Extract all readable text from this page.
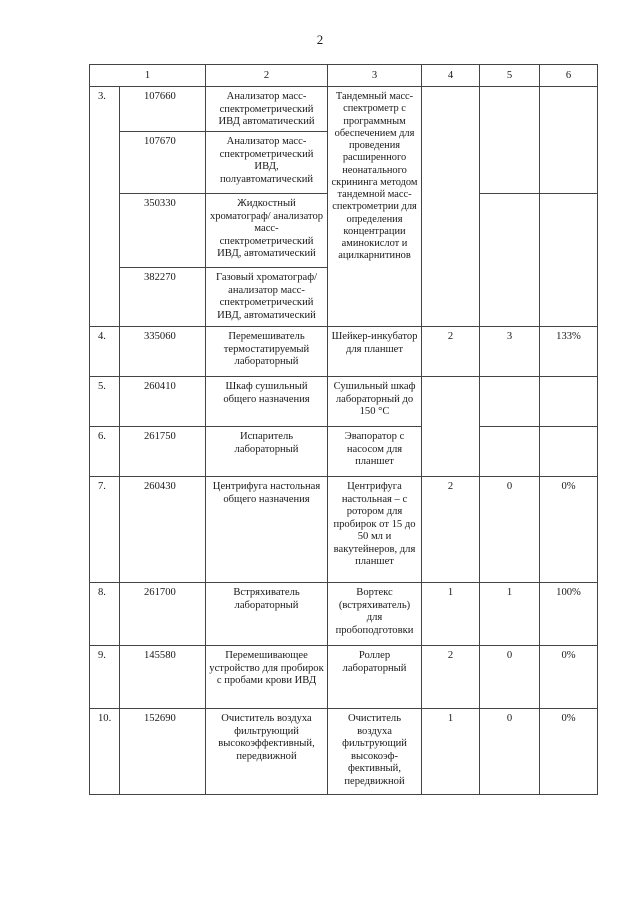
2
1		2	3	4	5	6
3.	107660	Анализатор масс-спектрометрический ИВД автоматический	Тандемный масс-спектрометр с программным обеспечением для проведения расширенного неонатального скрининга методом тандемной масс-спектрометрии для определения концентрации аминокислот и ацилкарнитинов			
	107670	Анализатор масс-спектрометрический ИВД, полуавтоматический				
	350330	Жидкостный хроматограф/ анализатор масс-спектрометрический ИВД, автоматический				
	382270	Газовый хроматограф/ анализатор масс-спектрометрический ИВД, автоматический				
4.	335060	Перемешиватель термостатируемый лабораторный	Шейкер-инкубатор для планшет	2	3	133%
5.	260410	Шкаф сушильный общего назначения	Сушильный шкаф лабораторный до 150 °С			
6.	261750	Испаритель лабораторный	Эвапоратор с насосом для планшет			
7.	260430	Центрифуга настольная общего назначения	Центрифуга настольная – с ротором для пробирок от 15 до 50 мл и вакутейнеров, для планшет	2	0	0%
8.	261700	Встряхиватель лабораторный	Вортекс (встряхиватель) для пробоподготовки	1	1	100%
9.	145580	Перемешивающее устройство для пробирок с пробами крови ИВД	Роллер лабораторный	2	0	0%
10.	152690	Очиститель воздуха фильтрующий высокоэффективный, передвижной	Очиститель воздуха фильтрующий высокоэф-фективный, передвижной	1	0	0%
